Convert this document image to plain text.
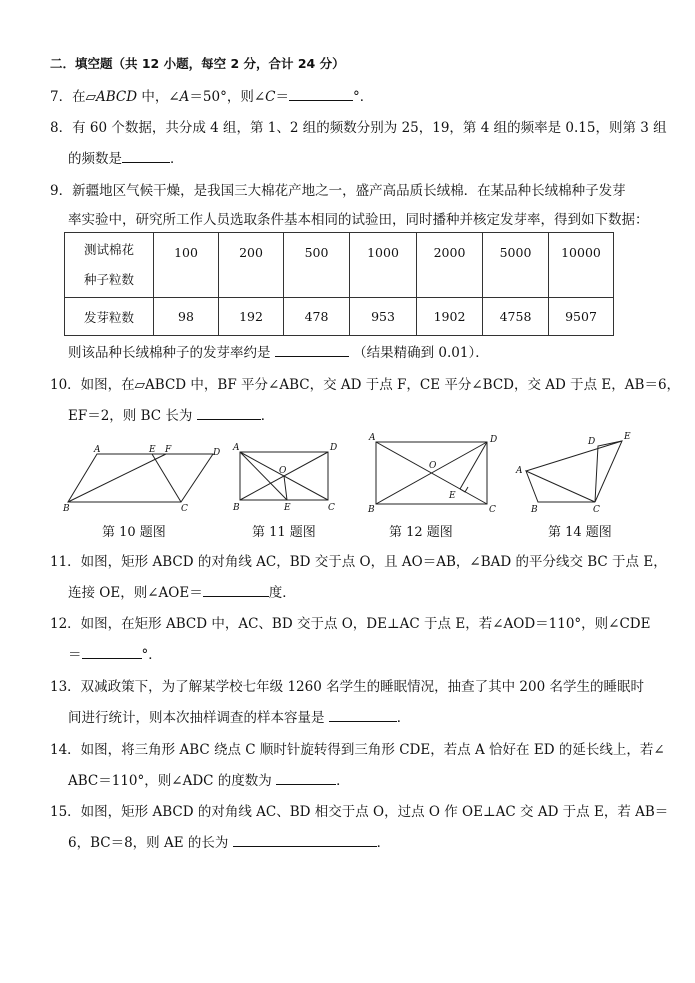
二．填空题（共 12 小题，每空 2 分，合计 24 分）
7．在▱ABCD 中，∠A＝50°，则∠C＝	°．
8．有 60 个数据，共分成 4 组，第 1、2 组的频数分别为 25，19，第 4 组的频率是 0.15，则第 3 组
的频数是	．
9．新疆地区气候干燥，是我国三大棉花产地之一，盛产高品质长绒棉．在某品种长绒棉种子发芽
率实验中，研究所工作人员选取条件基本相同的试验田，同时播种并核定发芽率，得到如下数据：
测试棉花
种子粒数	100	200	500	1000	2000	5000	10000
发芽粒数	98	192	478	953	1902	4758	9507
则该品种长绒棉种子的发芽率约是	（结果精确到 0.01）．
10．如图，在▱ABCD 中，BF 平分∠ABC，交 AD 于点 F，CE 平分∠BCD，交 AD 于点 E，AB＝6，
EF＝2，则 BC 长为	．
A	E F	D
B	C
A	D
O
B	E	C
A	D
O
E
B	C
A
D	E
B	C
第 10 题图	第 11 题图	第 12 题图	第 14 题图
11．如图，矩形 ABCD 的对角线 AC，BD 交于点 O，且 AO＝AB，∠BAD 的平分线交 BC 于点 E，
连接 OE，则∠AOE＝	度．
12．如图，在矩形 ABCD 中，AC、BD 交于点 O，DE⊥AC 于点 E，若∠AOD＝110°，则∠CDE
＝	°．
13．双减政策下，为了解某学校七年级 1260 名学生的睡眠情况，抽查了其中 200 名学生的睡眠时
间进行统计，则本次抽样调查的样本容量是	．
14．如图，将三角形 ABC 绕点 C 顺时针旋转得到三角形 CDE，若点 A 恰好在 ED 的延长线上，若∠
ABC＝110°，则∠ADC 的度数为	．
15．如图，矩形 ABCD 的对角线 AC、BD 相交于点 O，过点 O 作 OE⊥AC 交 AD 于点 E，若 AB＝
6，BC＝8，则 AE 的长为	．
